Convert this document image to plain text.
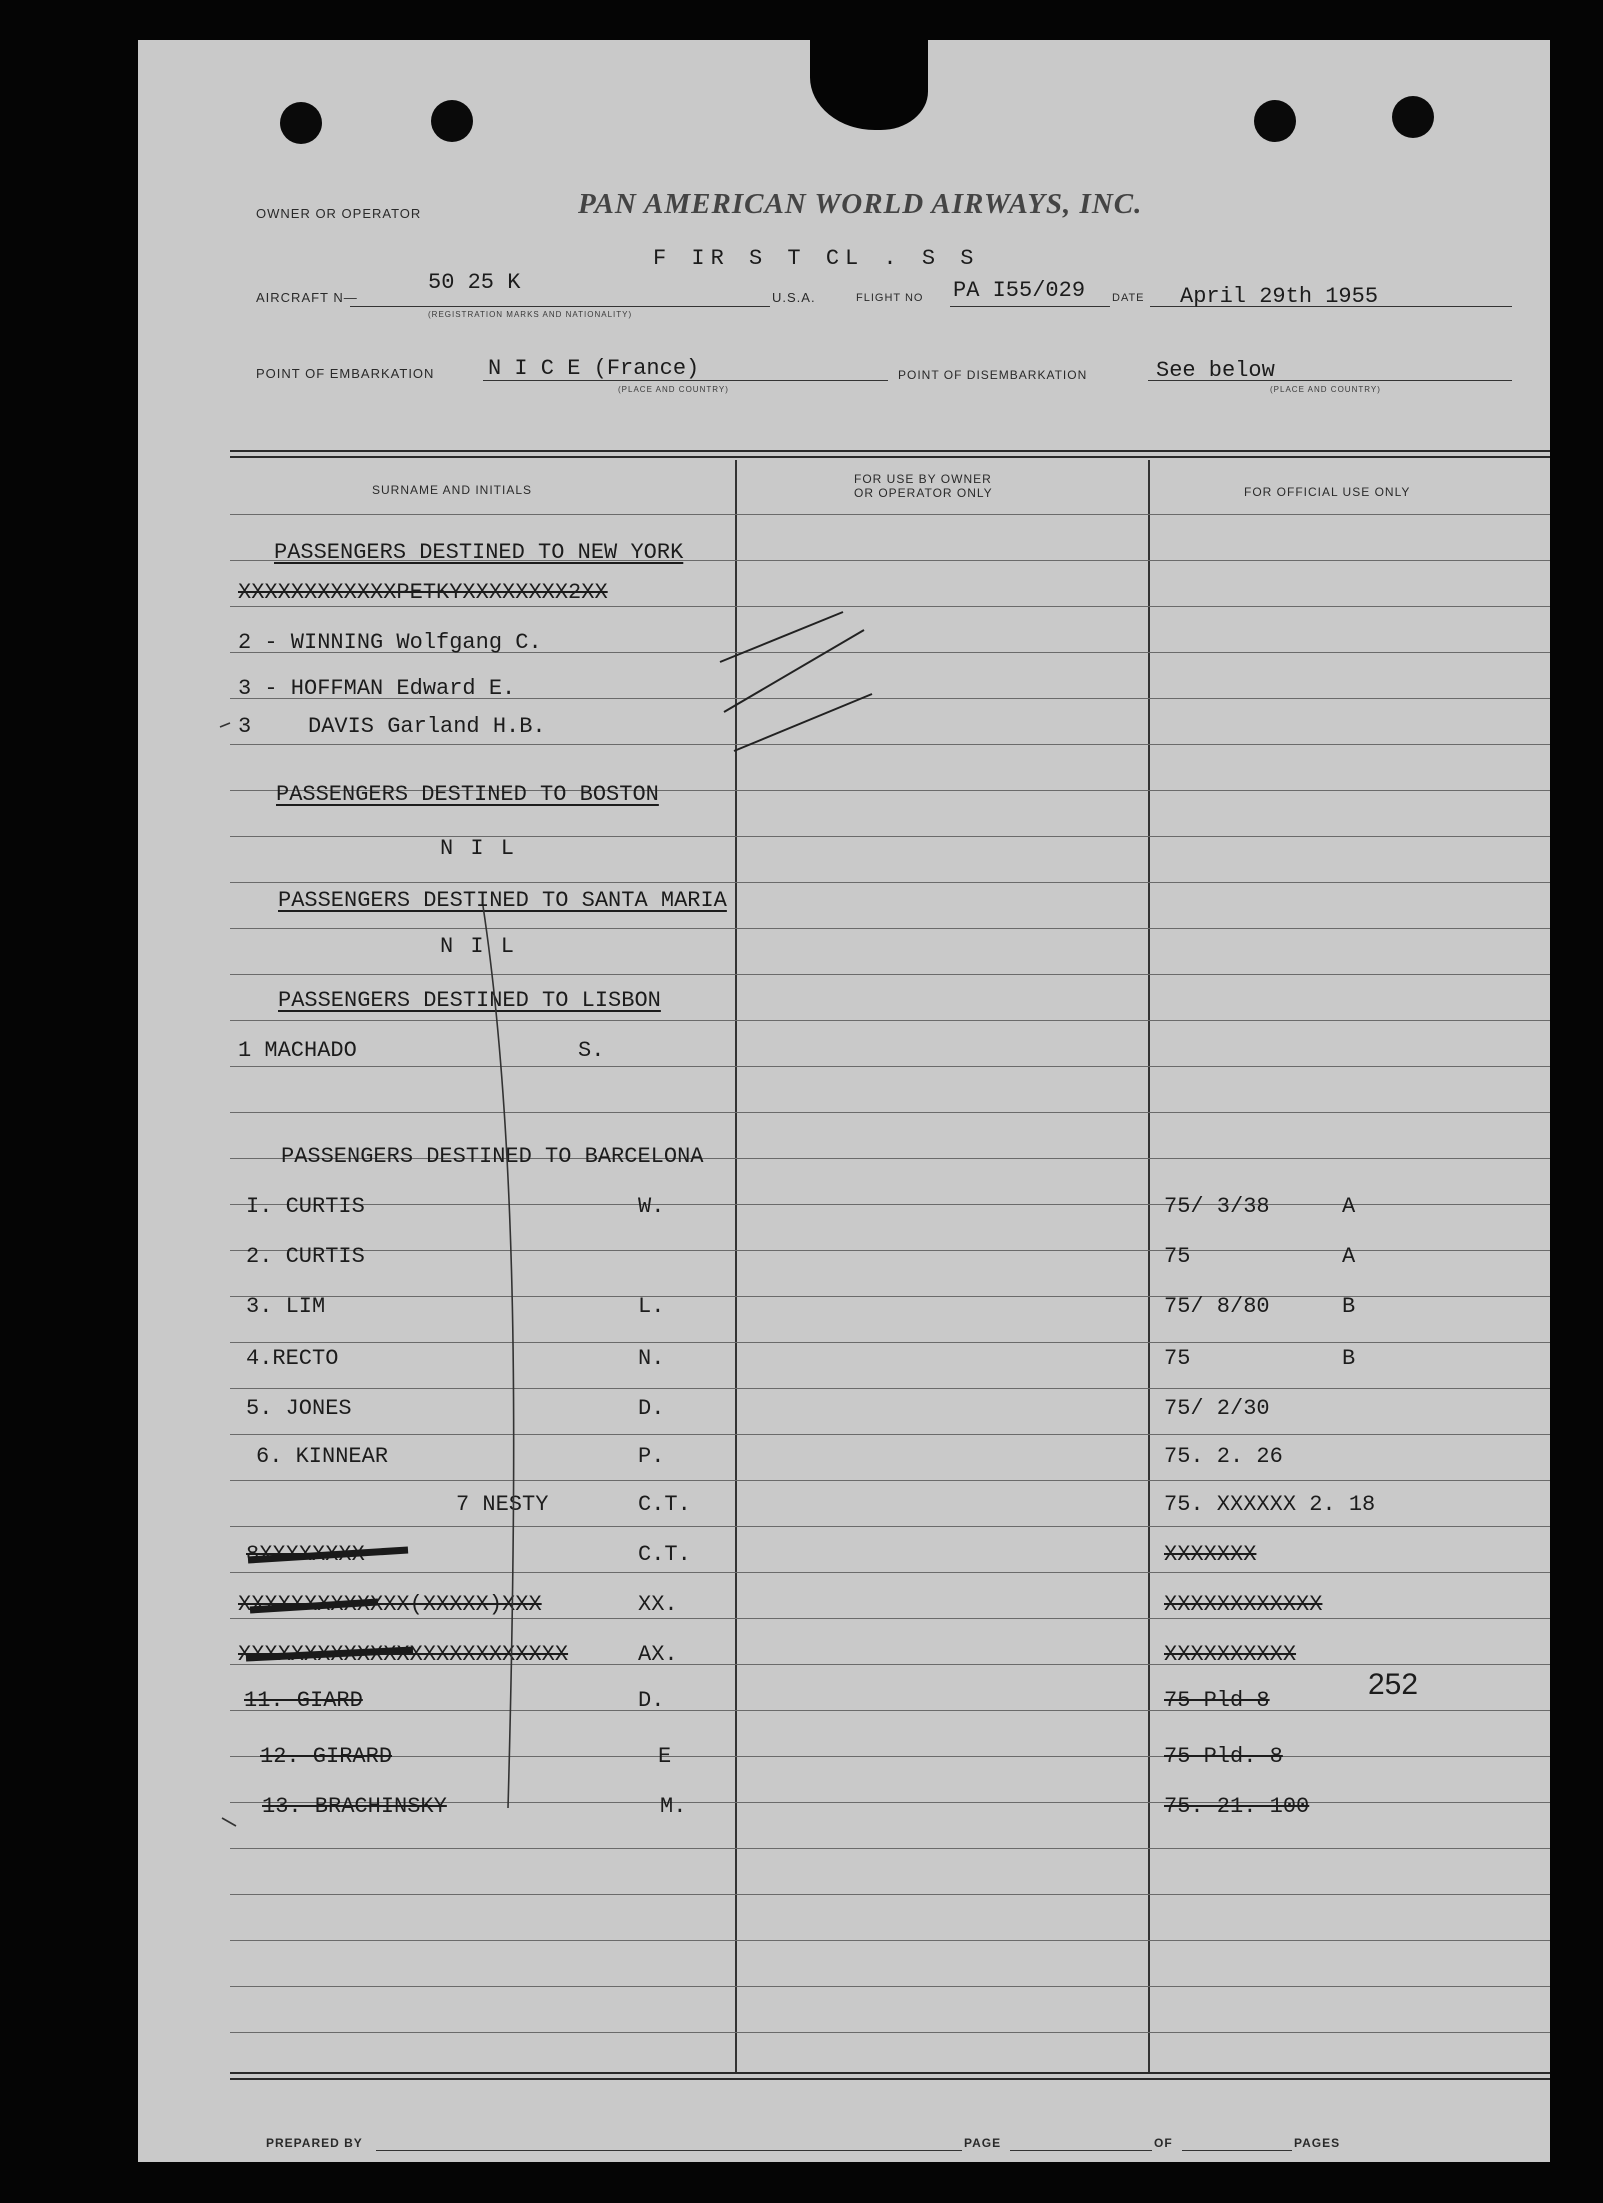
OWNER OR OPERATOR	PAN AMERICAN WORLD AIRWAYS, INC.
F IR S T CL . S S
AIRCRAFT N—
50 25 K
(REGISTRATION MARKS AND NATIONALITY)
U.S.A.	FLIGHT NO PA I55/029 DATE April 29th 1955
POINT OF EMBARKATION N I C E (France)
(PLACE AND COUNTRY)
POINT OF DISEMBARKATION	See below
(PLACE AND COUNTRY)
SURNAME AND INITIALS
FOR USE BY OWNER
OR OPERATOR ONLY	FOR OFFICIAL USE ONLY
PASSENGERS DESTINED TO NEW YORK
XXXXXXXXXXXXPETKYXXXXXXXX2XX
2 - WINNING Wolfgang C.
3 - HOFFMAN Edward E.
3	DAVIS Garland H.B.
PASSENGERS DESTINED TO BOSTON
N I L
PASSENGERS DESTINED TO SANTA MARIA
N I L
PASSENGERS DESTINED TO LISBON
1 MACHADO	S.
PASSENGERS DESTINED TO BARCELONA
I. CURTIS	W.	75/ 3/38	A
2. CURTIS	75	A
3. LIM	L.	75/ 8/80	B
4.RECTO	N.	75	B
5. JONES	D.	75/ 2/30
6. KINNEAR	P.	75. 2. 26
7 NESTY	C.T.	75. XXXXXX 2. 18
8XXXXXXXX	C.T.	XXXXXXX
XXXXXXXXXXXXX(XXXXX)XXX	XX.	XXXXXXXXXXXX
XXXXXXXXXXXXXXXXXXXXXXXXX	AX.	XXXXXXXXXX
11. GIARD	D.	75 Pld 8
12. GIRARD	E	75 Pld. 8
13. BRACHINSKY	M.	75. 21. 100
252
PREPARED BY	PAGE	OF	PAGES
